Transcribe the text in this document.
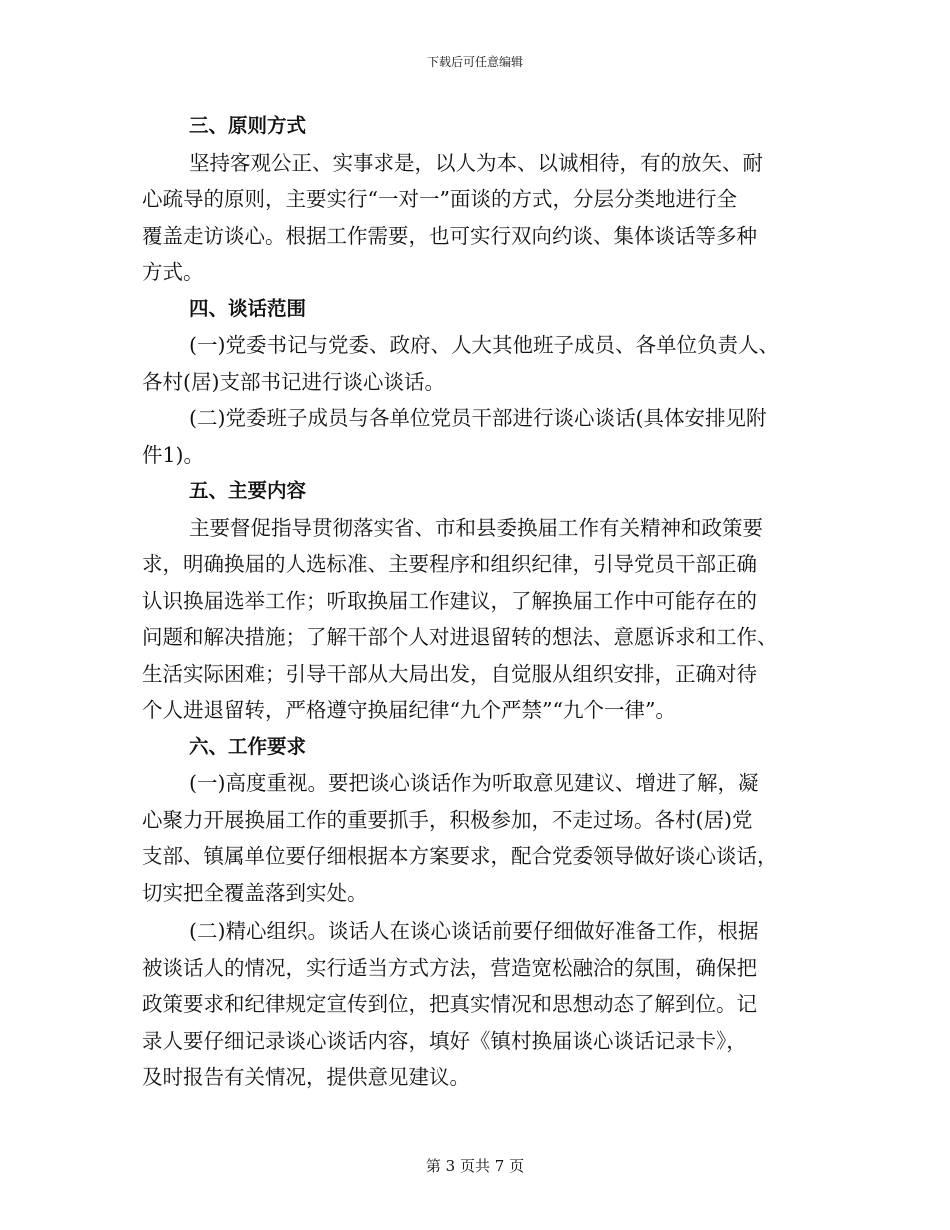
下载后可任意编辑
三、原则方式
坚持客观公正、实事求是，以人为本、以诚相待，有的放矢、耐
心疏导的原则，主要实行“一对一”面谈的方式，分层分类地进行全
覆盖走访谈心。根据工作需要，也可实行双向约谈、集体谈话等多种
方式。
四、谈话范围
(一)党委书记与党委、政府、人大其他班子成员、各单位负责人、
各村(居)支部书记进行谈心谈话。
(二)党委班子成员与各单位党员干部进行谈心谈话(具体安排见附
件1)。
五、主要内容
主要督促指导贯彻落实省、市和县委换届工作有关精神和政策要
求，明确换届的人选标准、主要程序和组织纪律，引导党员干部正确
认识换届选举工作；听取换届工作建议，了解换届工作中可能存在的
问题和解决措施；了解干部个人对进退留转的想法、意愿诉求和工作、
生活实际困难；引导干部从大局出发，自觉服从组织安排，正确对待
个人进退留转，严格遵守换届纪律“九个严禁”“九个一律”。
六、工作要求
(一)高度重视。要把谈心谈话作为听取意见建议、增进了解，凝
心聚力开展换届工作的重要抓手，积极参加，不走过场。各村(居)党
支部、镇属单位要仔细根据本方案要求，配合党委领导做好谈心谈话，
切实把全覆盖落到实处。
(二)精心组织。谈话人在谈心谈话前要仔细做好准备工作，根据
被谈话人的情况，实行适当方式方法，营造宽松融洽的氛围，确保把
政策要求和纪律规定宣传到位，把真实情况和思想动态了解到位。记
录人要仔细记录谈心谈话内容，填好《镇村换届谈心谈话记录卡》，
及时报告有关情况，提供意见建议。
第 3 页共 7 页
